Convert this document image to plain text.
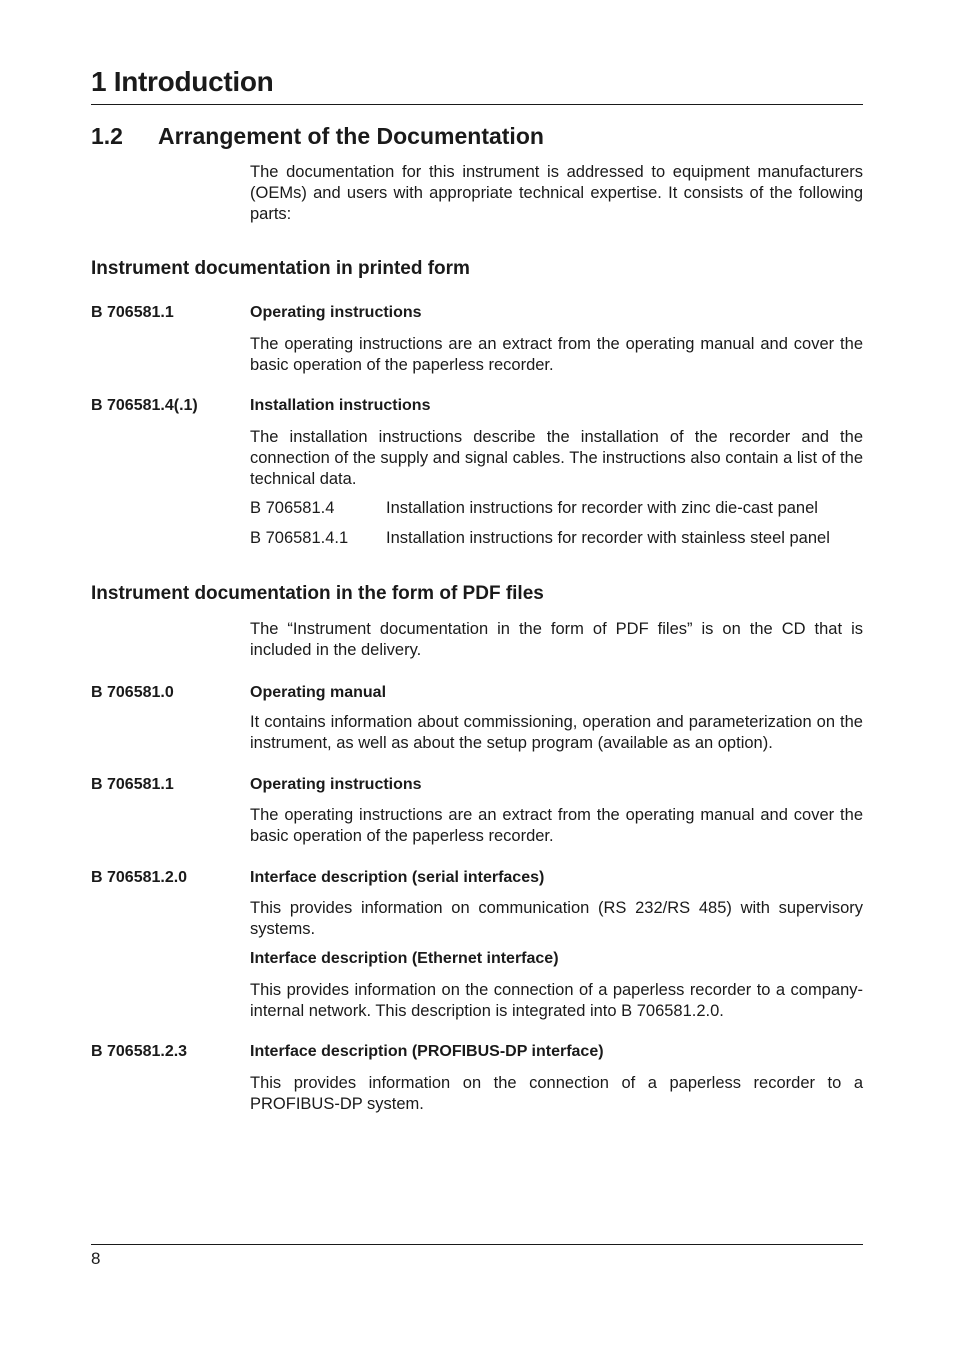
1 Introduction
1.2 Arrangement of the Documentation
The documentation for this instrument is addressed to equipment manufacturers (OEMs) and users with appropriate technical expertise. It consists of the following parts:
Instrument documentation in printed form
B 706581.1	Operating instructions
The operating instructions are an extract from the operating manual and cover the basic operation of the paperless recorder.
B 706581.4(.1)	Installation instructions
The installation instructions describe the installation of the recorder and the connection of the supply and signal cables. The instructions also contain a list of the technical data.
B 706581.4	Installation instructions for recorder with zinc die-cast panel
B 706581.4.1 Installation instructions for recorder with stainless steel panel
Instrument documentation in the form of PDF files
The “Instrument documentation in the form of PDF files” is on the CD that is included in the delivery.
B 706581.0	Operating manual
It contains information about commissioning, operation and parameterization on the instrument, as well as about the setup program (available as an option).
B 706581.1	Operating instructions
The operating instructions are an extract from the operating manual and cover the basic operation of the paperless recorder.
B 706581.2.0	Interface description (serial interfaces)
This provides information on communication (RS 232/RS 485) with supervisory systems.
Interface description (Ethernet interface)
This provides information on the connection of a paperless recorder to a company-internal network. This description is integrated into B 706581.2.0.
B 706581.2.3	Interface description (PROFIBUS-DP interface)
This provides information on the connection of a paperless recorder to a PROFIBUS-DP system.
8
